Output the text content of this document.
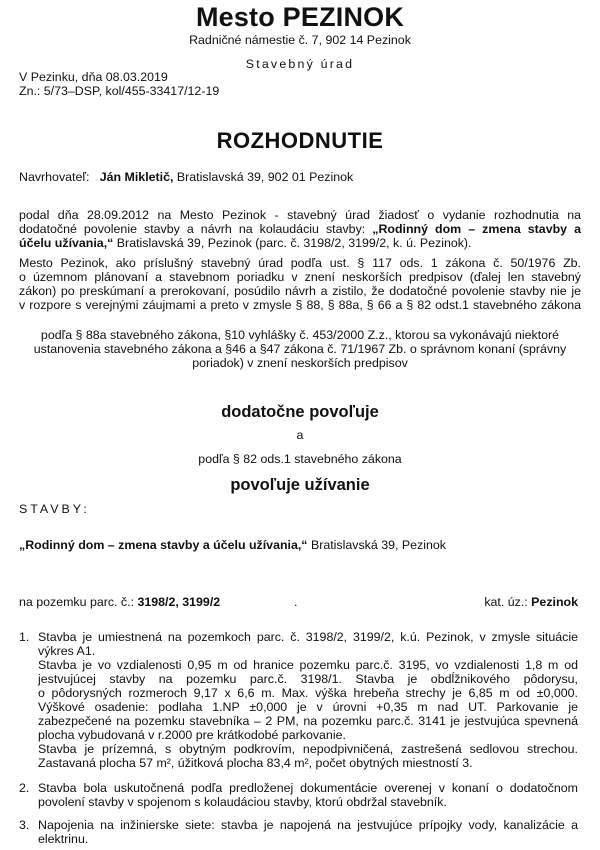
Mesto PEZINOK
Radničné námestie č. 7, 902 14 Pezinok
Stavebný úrad
V Pezinku, dňa 08.03.2019
Zn.: 5/73–DSP, kol/455-33417/12-19
ROZHODNUTIE
Navrhovateľ: Ján Mikletič, Bratislavská 39, 902 01 Pezinok
podal dňa 28.09.2012 na Mesto Pezinok - stavebný úrad žiadosť o vydanie rozhodnutia na
dodatočné povolenie stavby a návrh na kolaudáciu stavby: „Rodinný dom – zmena stavby a
účelu užívania,“ Bratislavská 39, Pezinok (parc. č. 3198/2, 3199/2, k. ú. Pezinok).
Mesto Pezinok, ako príslušný stavebný úrad podľa ust. § 117 ods. 1 zákona č. 50/1976 Zb.
o územnom plánovaní a stavebnom poriadku v znení neskorších predpisov (ďalej len stavebný
zákon) po preskúmaní a prerokovaní, posúdilo návrh a zistilo, že dodatočné povolenie stavby nie je
v rozpore s verejnými záujmami a preto v zmysle § 88, § 88a, § 66 a § 82 odst.1 stavebného zákona
podľa § 88a stavebného zákona, §10 vyhlášky č. 453/2000 Z.z., ktorou sa vykonávajú niektoré
ustanovenia stavebného zákona a §46 a §47 zákona č. 71/1967 Zb. o správnom konaní (správny
poriadok) v znení neskorších predpisov
dodatočne povoľuje
a
podľa § 82 ods.1 stavebného zákona
povoľuje užívanie
STAVBY:
„Rodinný dom – zmena stavby a účelu užívania,“ Bratislavská 39, Pezinok
na pozemku parc. č.: 3198/2, 3199/2	.	kat. úz.: Pezinok
1. Stavba je umiestnená na pozemkoch parc. č. 3198/2, 3199/2, k.ú. Pezinok, v zmysle situácie
výkres A1.
Stavba je vo vzdialenosti 0,95 m od hranice pozemku parc.č. 3195, vo vzdialenosti 1,8 m od
jestvujúcej stavby na pozemku parc.č. 3198/1. Stavba je obdĺžnikového pôdorysu,
o pôdorysných rozmeroch 9,17 x 6,6 m. Max. výška hrebeňa strechy je 6,85 m od ±0,000.
Výškové osadenie: podlaha 1.NP ±0,000 je v úrovni +0,35 m nad UT. Parkovanie je
zabezpečené na pozemku stavebníka – 2 PM, na pozemku parc.č. 3141 je jestvujúca spevnená
plocha vybudovaná v r.2000 pre krátkodobé parkovanie.
Stavba je prízemná, s obytným podkrovím, nepodpivničená, zastrešená sedlovou strechou.
Zastavaná plocha 57 m², úžitková plocha 83,4 m², počet obytných miestností 3.
2. Stavba bola uskutočnená podľa predloženej dokumentácie overenej v konaní o dodatočnom
povolení stavby v spojenom s kolaudáciou stavby, ktorú obdržal stavebník.
3. Napojenia na inžinierske siete: stavba je napojená na jestvujúce prípojky vody, kanalizácie a
elektrinu.
